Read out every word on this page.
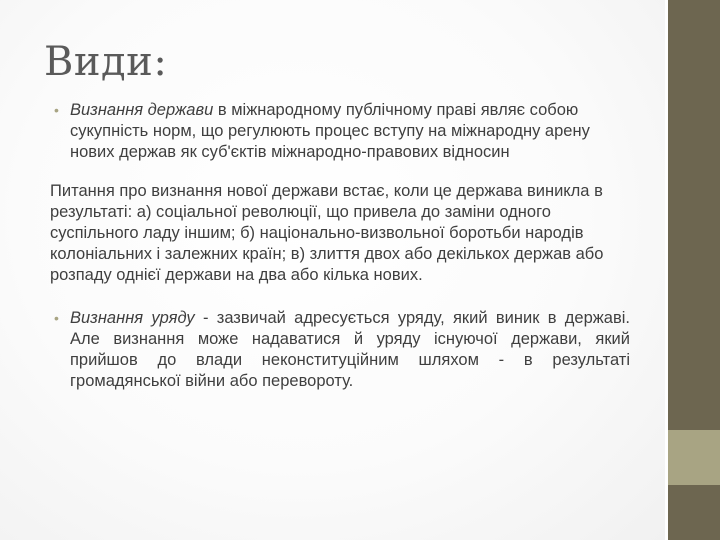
Види:
• Визнання держави в міжнародному публічному праві являє собою сукупність норм, що регулюють процес вступу на міжнародну арену нових держав як суб'єктів міжнародно-правових відносин
Питання про визнання нової держави встає, коли це держава виникла в результаті: а) соціальної революції, що привела до заміни одного суспільного ладу іншим; б) національно-визвольної боротьби народів колоніальних і залежних країн; в) злиття двох або декількох держав або розпаду однієї держави на два або кілька нових.
• Визнання уряду - зазвичай адресується уряду, який виник в державі. Але визнання може надаватися й уряду існуючої держави, який прийшов до влади неконституційним шляхом - в результаті громадянської війни або перевороту.
